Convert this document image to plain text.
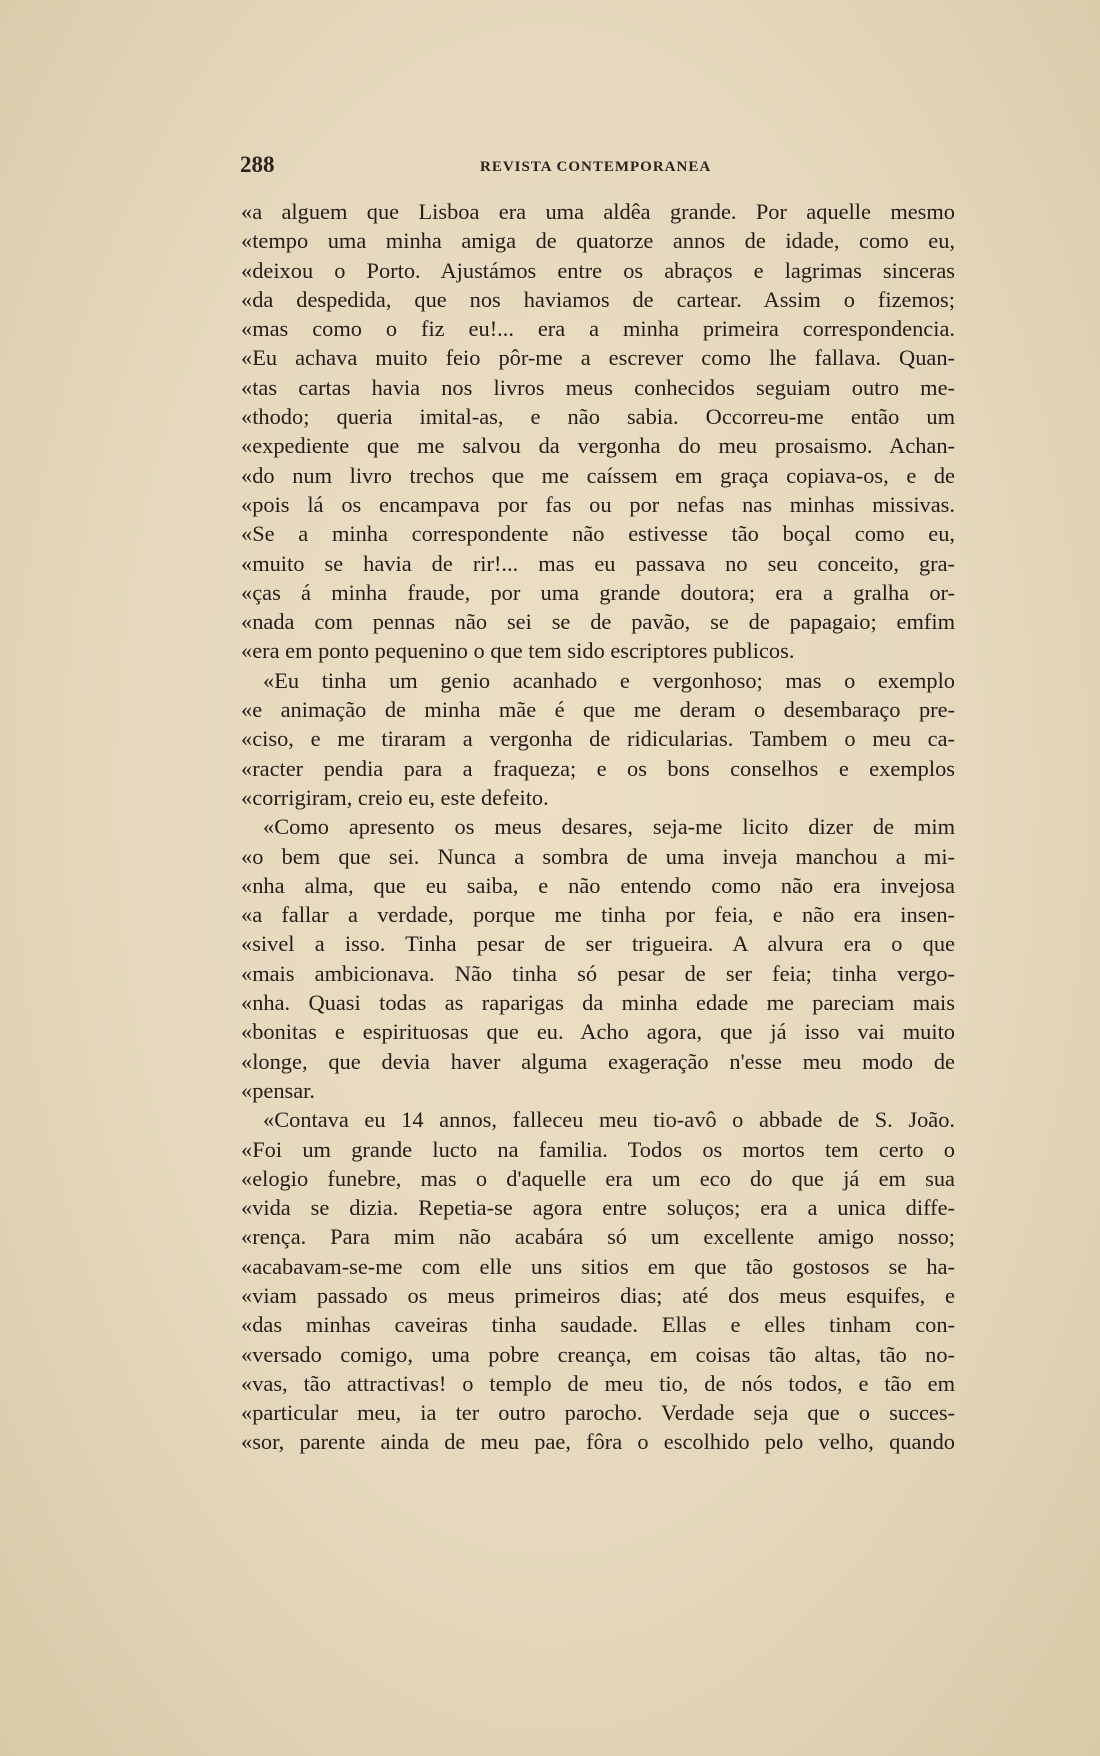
288	REVISTA CONTEMPORANEA
«a alguem que Lisboa era uma aldêa grande. Por aquelle mesmo
«tempo uma minha amiga de quatorze annos de idade, como eu,
«deixou o Porto. Ajustámos entre os abraços e lagrimas sinceras
«da despedida, que nos haviamos de cartear. Assim o fizemos;
«mas como o fiz eu!... era a minha primeira correspondencia.
«Eu achava muito feio pôr-me a escrever como lhe fallava. Quan-
«tas cartas havia nos livros meus conhecidos seguiam outro me-
«thodo; queria imital-as, e não sabia. Occorreu-me então um
«expediente que me salvou da vergonha do meu prosaismo. Achan-
«do num livro trechos que me caíssem em graça copiava-os, e de
«pois lá os encampava por fas ou por nefas nas minhas missivas.
«Se a minha correspondente não estivesse tão boçal como eu,
«muito se havia de rir!... mas eu passava no seu conceito, gra-
«ças á minha fraude, por uma grande doutora; era a gralha or-
«nada com pennas não sei se de pavão, se de papagaio; emfim
«era em ponto pequenino o que tem sido escriptores publicos.
«Eu tinha um genio acanhado e vergonhoso; mas o exemplo
«e animação de minha mãe é que me deram o desembaraço pre-
«ciso, e me tiraram a vergonha de ridicularias. Tambem o meu ca-
«racter pendia para a fraqueza; e os bons conselhos e exemplos
«corrigiram, creio eu, este defeito.
«Como apresento os meus desares, seja-me licito dizer de mim
«o bem que sei. Nunca a sombra de uma inveja manchou a mi-
«nha alma, que eu saiba, e não entendo como não era invejosa
«a fallar a verdade, porque me tinha por feia, e não era insen-
«sivel a isso. Tinha pesar de ser trigueira. A alvura era o que
«mais ambicionava. Não tinha só pesar de ser feia; tinha vergo-
«nha. Quasi todas as raparigas da minha edade me pareciam mais
«bonitas e espirituosas que eu. Acho agora, que já isso vai muito
«longe, que devia haver alguma exageração n'esse meu modo de
«pensar.
«Contava eu 14 annos, falleceu meu tio-avô o abbade de S. João.
«Foi um grande lucto na familia. Todos os mortos tem certo o
«elogio funebre, mas o d'aquelle era um eco do que já em sua
«vida se dizia. Repetia-se agora entre soluços; era a unica diffe-
«rença. Para mim não acabára só um excellente amigo nosso;
«acabavam-se-me com elle uns sitios em que tão gostosos se ha-
«viam passado os meus primeiros dias; até dos meus esquifes, e
«das minhas caveiras tinha saudade. Ellas e elles tinham con-
«versado comigo, uma pobre creança, em coisas tão altas, tão no-
«vas, tão attractivas! o templo de meu tio, de nós todos, e tão em
«particular meu, ia ter outro parocho. Verdade seja que o succes-
«sor, parente ainda de meu pae, fôra o escolhido pelo velho, quando
